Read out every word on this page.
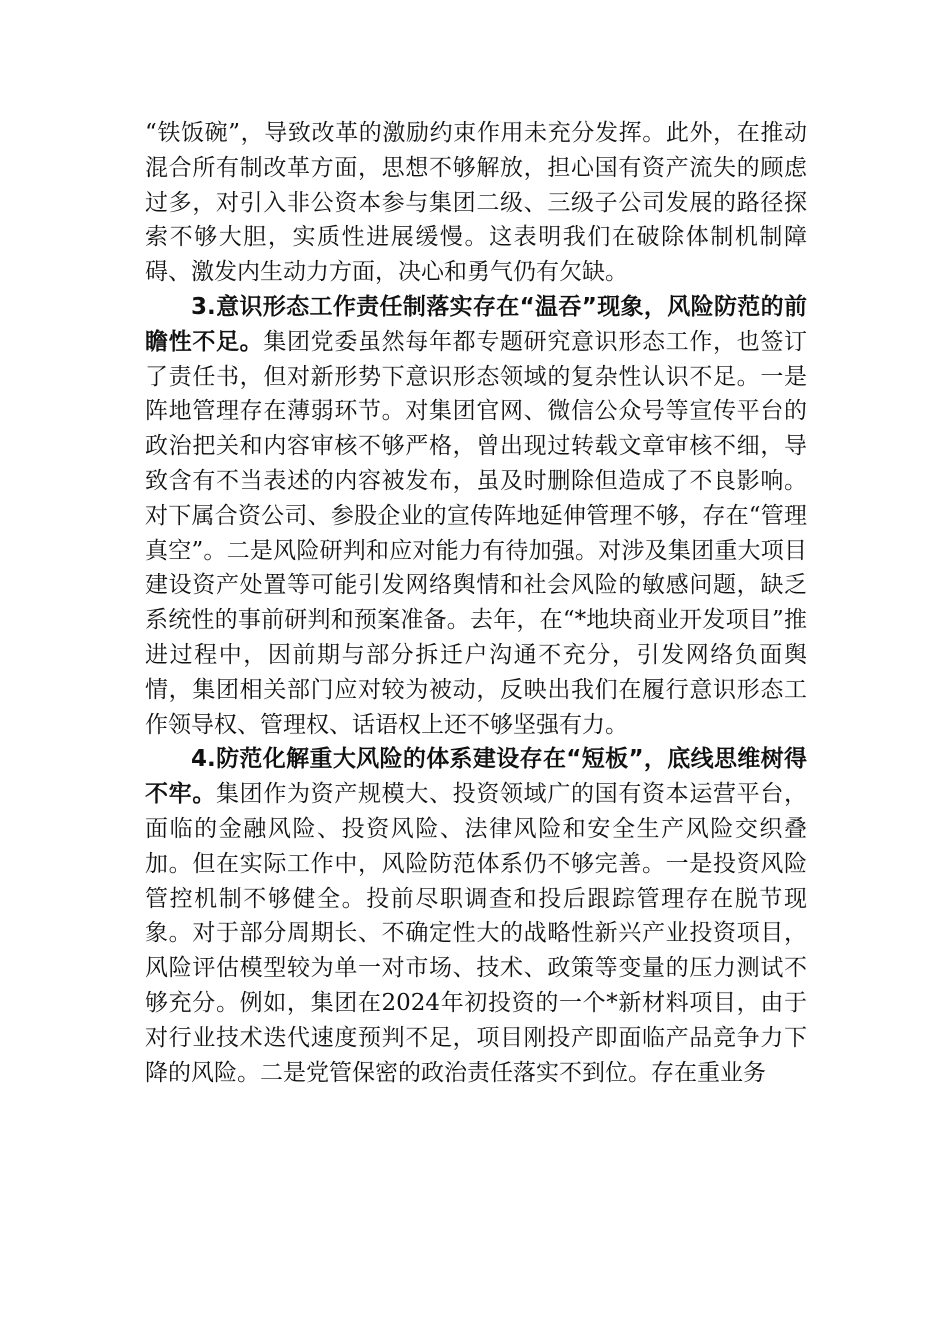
“铁饭碗”，导致改革的激励约束作用未充分发挥。此外，在推动混合所有制改革方面，思想不够解放，担心国有资产流失的顾虑过多，对引入非公资本参与集团二级、三级子公司发展的路径探索不够大胆，实质性进展缓慢。这表明我们在破除体制机制障碍、激发内生动力方面，决心和勇气仍有欠缺。

3.意识形态工作责任制落实存在“温吞”现象，风险防范的前瞻性不足。集团党委虽然每年都专题研究意识形态工作，也签订了责任书，但对新形势下意识形态领域的复杂性认识不足。一是阵地管理存在薄弱环节。对集团官网、微信公众号等宣传平台的政治把关和内容审核不够严格，曾出现过转载文章审核不细，导致含有不当表述的内容被发布，虽及时删除但造成了不良影响。对下属合资公司、参股企业的宣传阵地延伸管理不够，存在“管理真空”。二是风险研判和应对能力有待加强。对涉及集团重大项目建设资产处置等可能引发网络舆情和社会风险的敏感问题，缺乏系统性的事前研判和预案准备。去年，在“*地块商业开发项目”推进过程中，因前期与部分拆迁户沟通不充分，引发网络负面舆情，集团相关部门应对较为被动，反映出我们在履行意识形态工作领导权、管理权、话语权上还不够坚强有力。

4.防范化解重大风险的体系建设存在“短板”，底线思维树得不牢。集团作为资产规模大、投资领域广的国有资本运营平台，面临的金融风险、投资风险、法律风险和安全生产风险交织叠加。但在实际工作中，风险防范体系仍不够完善。一是投资风险管控机制不够健全。投前尽职调查和投后跟踪管理存在脱节现象。对于部分周期长、不确定性大的战略性新兴产业投资项目，风险评估模型较为单一对市场、技术、政策等变量的压力测试不够充分。例如，集团在2024年初投资的一个*新材料项目，由于对行业技术迭代速度预判不足，项目刚投产即面临产品竞争力下降的风险。二是党管保密的政治责任落实不到位。存在重业务
